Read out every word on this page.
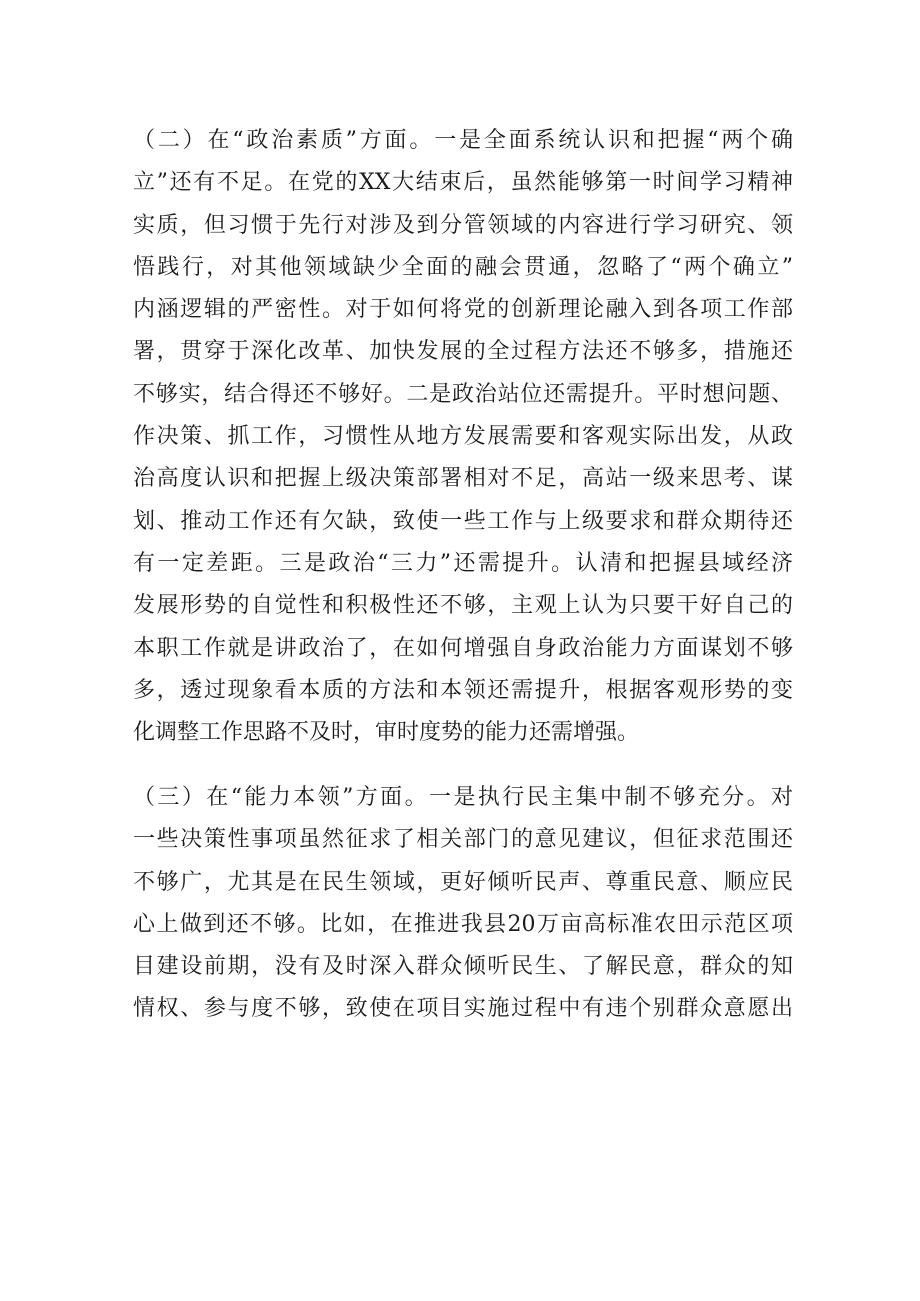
（二）在“政治素质”方面。一是全面系统认识和把握“两个确
立”还有不足。在党的XX大结束后，虽然能够第一时间学习精神
实质，但习惯于先行对涉及到分管领域的内容进行学习研究、领
悟践行，对其他领域缺少全面的融会贯通，忽略了“两个确立”
内涵逻辑的严密性。对于如何将党的创新理论融入到各项工作部
署，贯穿于深化改革、加快发展的全过程方法还不够多，措施还
不够实，结合得还不够好。二是政治站位还需提升。平时想问题、
作决策、抓工作，习惯性从地方发展需要和客观实际出发，从政
治高度认识和把握上级决策部署相对不足，高站一级来思考、谋
划、推动工作还有欠缺，致使一些工作与上级要求和群众期待还
有一定差距。三是政治“三力”还需提升。认清和把握县域经济
发展形势的自觉性和积极性还不够，主观上认为只要干好自己的
本职工作就是讲政治了，在如何增强自身政治能力方面谋划不够
多，透过现象看本质的方法和本领还需提升，根据客观形势的变
化调整工作思路不及时，审时度势的能力还需增强。
（三）在“能力本领”方面。一是执行民主集中制不够充分。对
一些决策性事项虽然征求了相关部门的意见建议，但征求范围还
不够广，尤其是在民生领域，更好倾听民声、尊重民意、顺应民
心上做到还不够。比如，在推进我县20万亩高标准农田示范区项
目建设前期，没有及时深入群众倾听民生、了解民意，群众的知
情权、参与度不够，致使在项目实施过程中有违个别群众意愿出
